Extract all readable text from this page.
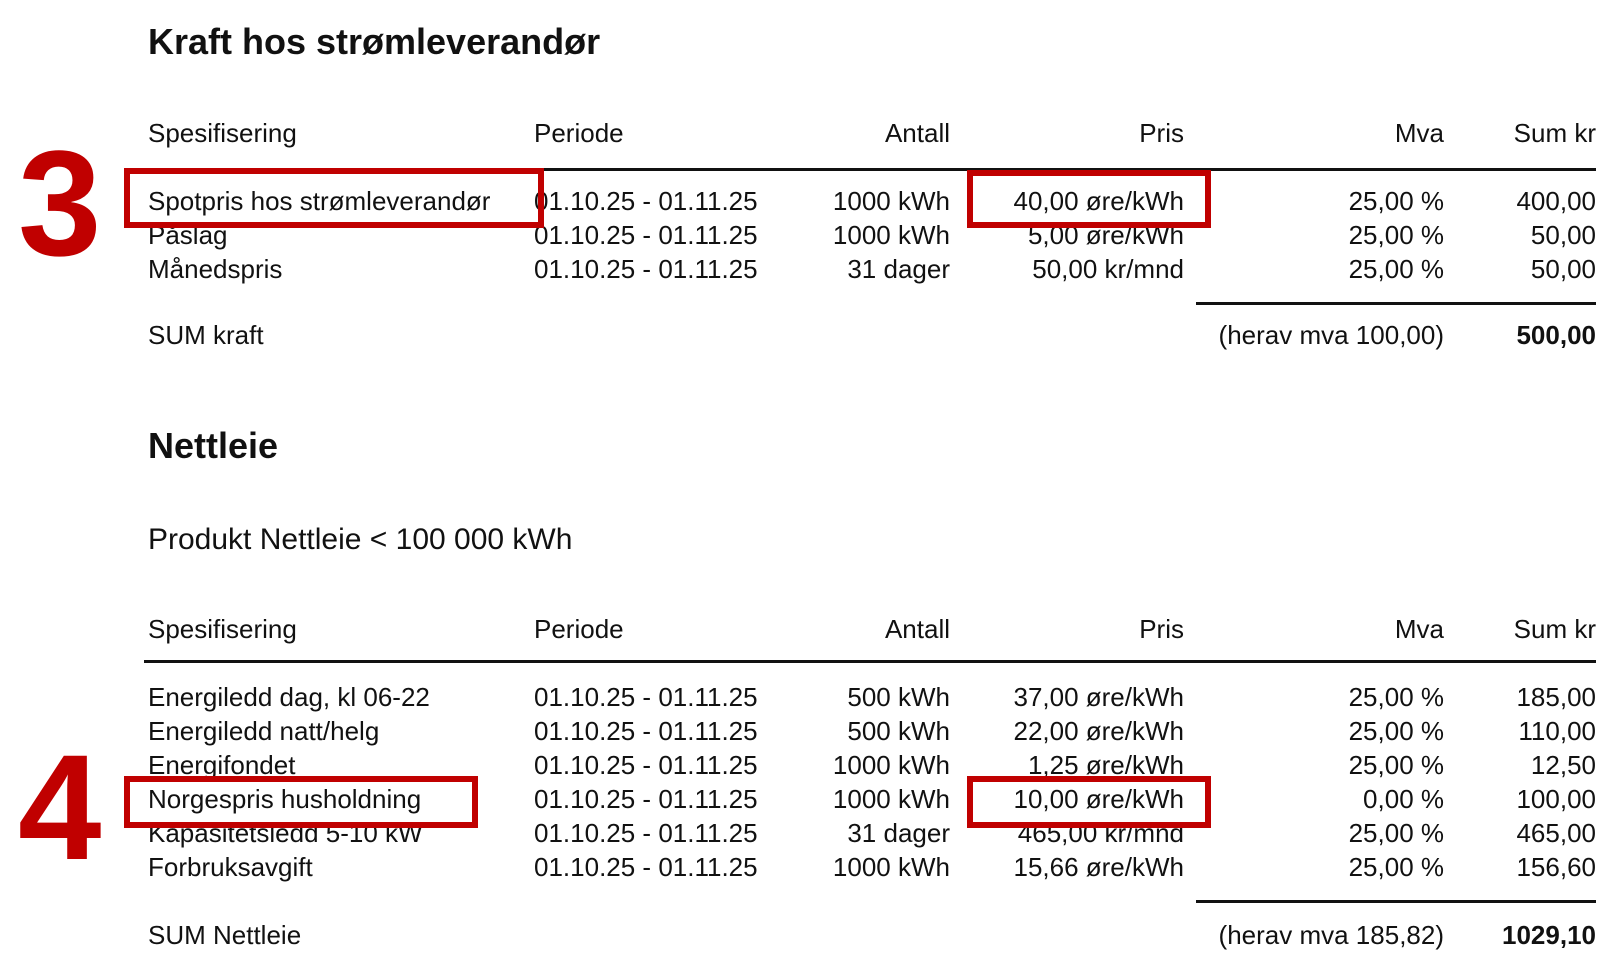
Kraft hos strømleverandør
Spesifisering	Periode	Antall	Pris	Mva	Sum kr
Spotpris hos strømleverandør 01.10.25 - 01.11.25	1000 kWh 40,00 øre/kWh	25,00 %	400,00
Påslag	01.10.25 - 01.11.25	1000 kWh	5,00 øre/kWh	25,00 %	50,00
Månedspris	01.10.25 - 01.11.25	31 dager	50,00 kr/mnd	25,00 %	50,00
SUM kraft	(herav mva 100,00)	500,00
3
Nettleie
Produkt Nettleie < 100 000 kWh
Spesifisering	Periode	Antall	Pris	Mva	Sum kr
Energiledd dag, kl 06-22	01.10.25 - 01.11.25	500 kWh 37,00 øre/kWh	25,00 %	185,00
Energiledd natt/helg	01.10.25 - 01.11.25	500 kWh 22,00 øre/kWh	25,00 %	110,00
Energifondet	01.10.25 - 01.11.25	1000 kWh	1,25 øre/kWh	25,00 %	12,50
Norgespris husholdning	01.10.25 - 01.11.25	1000 kWh 10,00 øre/kWh	0,00 %	100,00
Kapasitetsledd 5-10 kW	01.10.25 - 01.11.25	31 dager	465,00 kr/mnd	25,00 %	465,00
Forbruksavgift	01.10.25 - 01.11.25	1000 kWh 15,66 øre/kWh	25,00 %	156,60
SUM Nettleie	(herav mva 185,82) 1029,10
4
